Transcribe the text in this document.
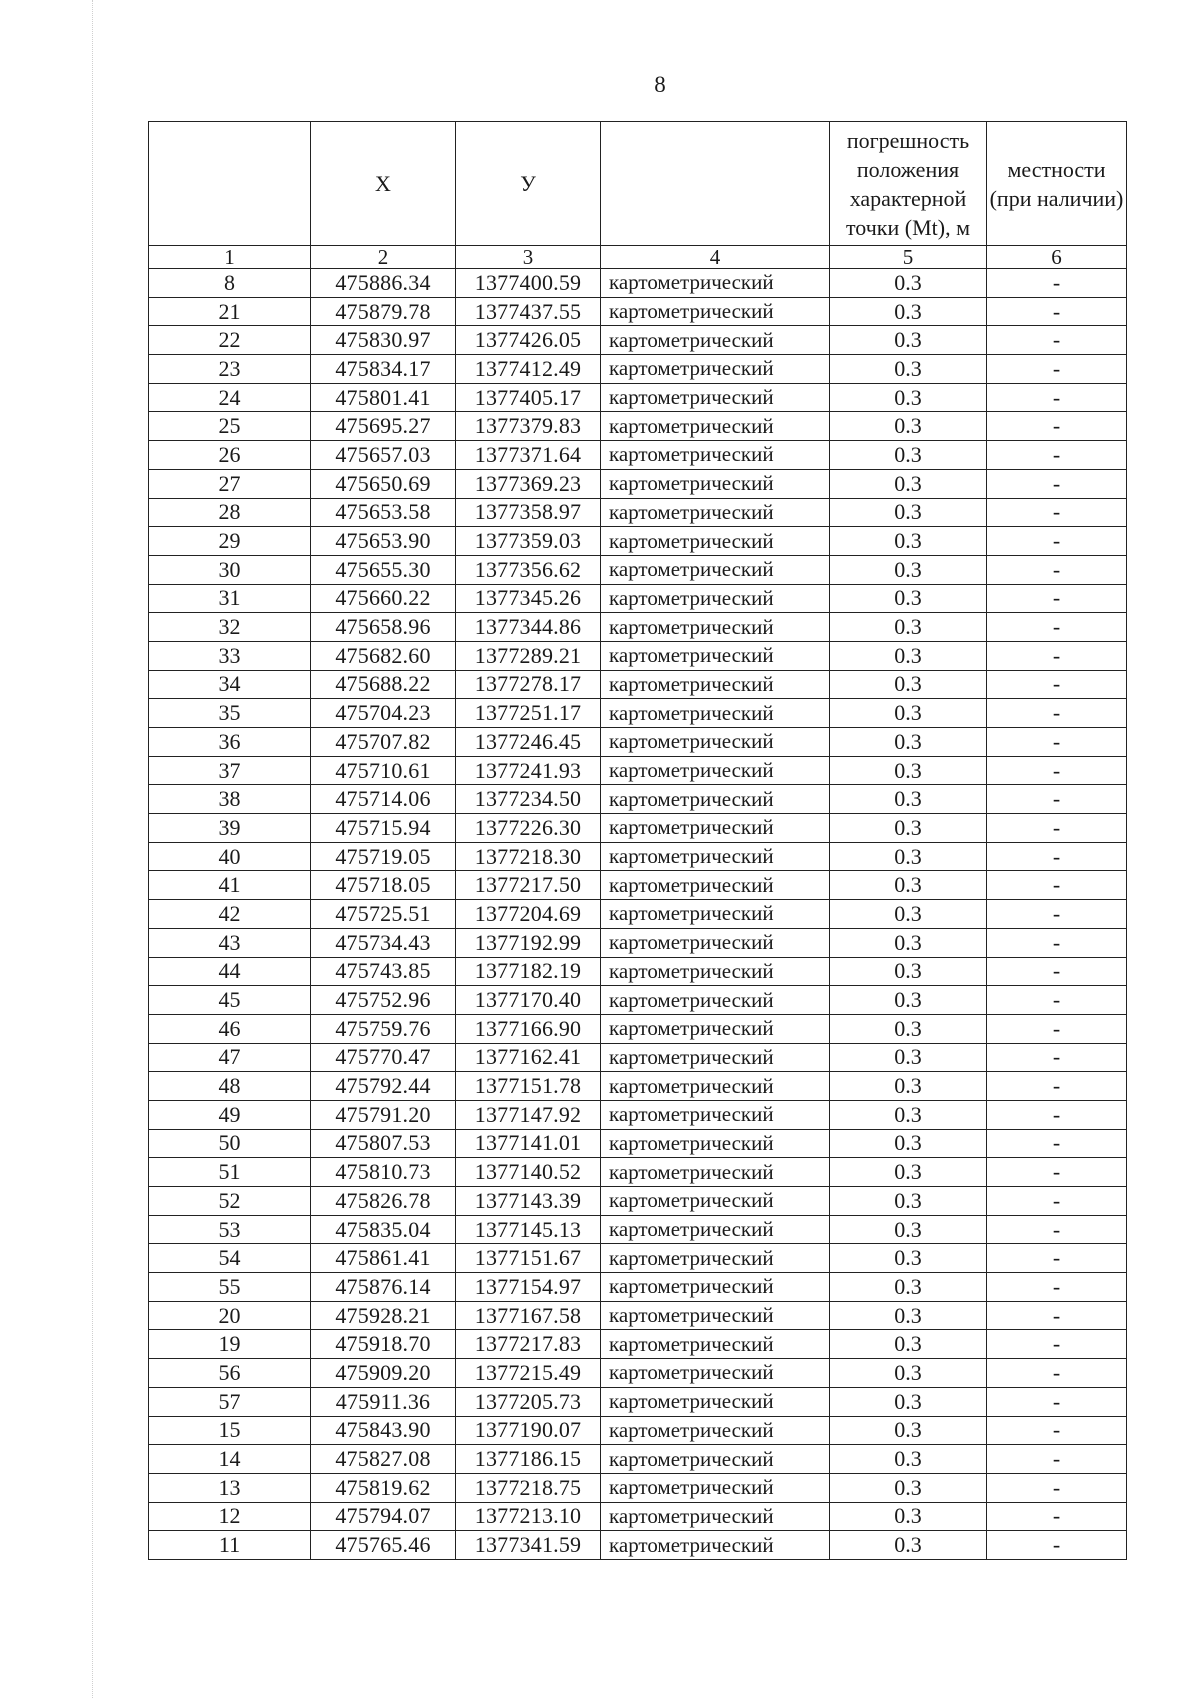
8
	X	У		погрешность положения характерной точки (Mt), м	местности (при наличии)
1	2	3	4	5	6
8	475886.34	1377400.59	картометрический	0.3	-
21	475879.78	1377437.55	картометрический	0.3	-
22	475830.97	1377426.05	картометрический	0.3	-
23	475834.17	1377412.49	картометрический	0.3	-
24	475801.41	1377405.17	картометрический	0.3	-
25	475695.27	1377379.83	картометрический	0.3	-
26	475657.03	1377371.64	картометрический	0.3	-
27	475650.69	1377369.23	картометрический	0.3	-
28	475653.58	1377358.97	картометрический	0.3	-
29	475653.90	1377359.03	картометрический	0.3	-
30	475655.30	1377356.62	картометрический	0.3	-
31	475660.22	1377345.26	картометрический	0.3	-
32	475658.96	1377344.86	картометрический	0.3	-
33	475682.60	1377289.21	картометрический	0.3	-
34	475688.22	1377278.17	картометрический	0.3	-
35	475704.23	1377251.17	картометрический	0.3	-
36	475707.82	1377246.45	картометрический	0.3	-
37	475710.61	1377241.93	картометрический	0.3	-
38	475714.06	1377234.50	картометрический	0.3	-
39	475715.94	1377226.30	картометрический	0.3	-
40	475719.05	1377218.30	картометрический	0.3	-
41	475718.05	1377217.50	картометрический	0.3	-
42	475725.51	1377204.69	картометрический	0.3	-
43	475734.43	1377192.99	картометрический	0.3	-
44	475743.85	1377182.19	картометрический	0.3	-
45	475752.96	1377170.40	картометрический	0.3	-
46	475759.76	1377166.90	картометрический	0.3	-
47	475770.47	1377162.41	картометрический	0.3	-
48	475792.44	1377151.78	картометрический	0.3	-
49	475791.20	1377147.92	картометрический	0.3	-
50	475807.53	1377141.01	картометрический	0.3	-
51	475810.73	1377140.52	картометрический	0.3	-
52	475826.78	1377143.39	картометрический	0.3	-
53	475835.04	1377145.13	картометрический	0.3	-
54	475861.41	1377151.67	картометрический	0.3	-
55	475876.14	1377154.97	картометрический	0.3	-
20	475928.21	1377167.58	картометрический	0.3	-
19	475918.70	1377217.83	картометрический	0.3	-
56	475909.20	1377215.49	картометрический	0.3	-
57	475911.36	1377205.73	картометрический	0.3	-
15	475843.90	1377190.07	картометрический	0.3	-
14	475827.08	1377186.15	картометрический	0.3	-
13	475819.62	1377218.75	картометрический	0.3	-
12	475794.07	1377213.10	картометрический	0.3	-
11	475765.46	1377341.59	картометрический	0.3	-
